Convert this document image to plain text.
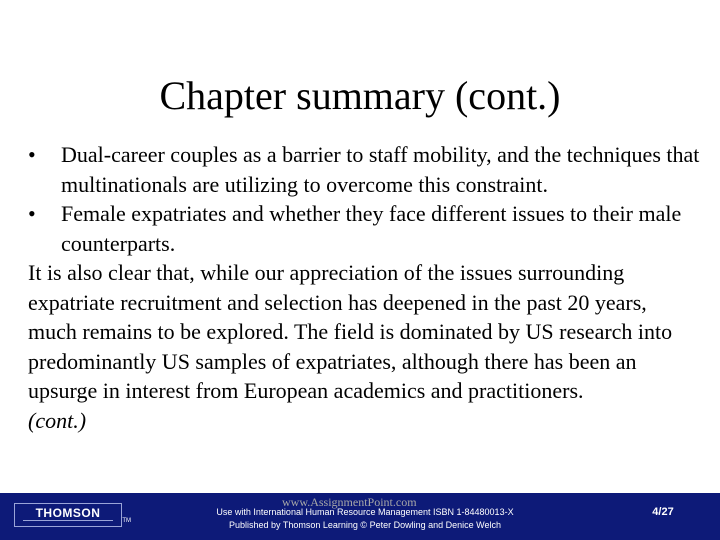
Chapter summary (cont.)
•	Dual-career couples as a barrier to staff mobility, and the techniques that multinationals are utilizing to overcome this constraint.
•	Female expatriates and whether they face different issues to their male counterparts.

It is also clear that, while our appreciation of the issues surrounding expatriate recruitment and selection has deepened in the past 20 years, much remains to be explored. The field is dominated by US research into predominantly US samples of expatriates, although there has been an upsurge in interest from European academics and practitioners.

(cont.)
THOMSON
TM
www.AssignmentPoint.com
Use with International Human Resource Management ISBN 1-84480013-X
Published by Thomson Learning © Peter Dowling and Denice Welch
4/27
